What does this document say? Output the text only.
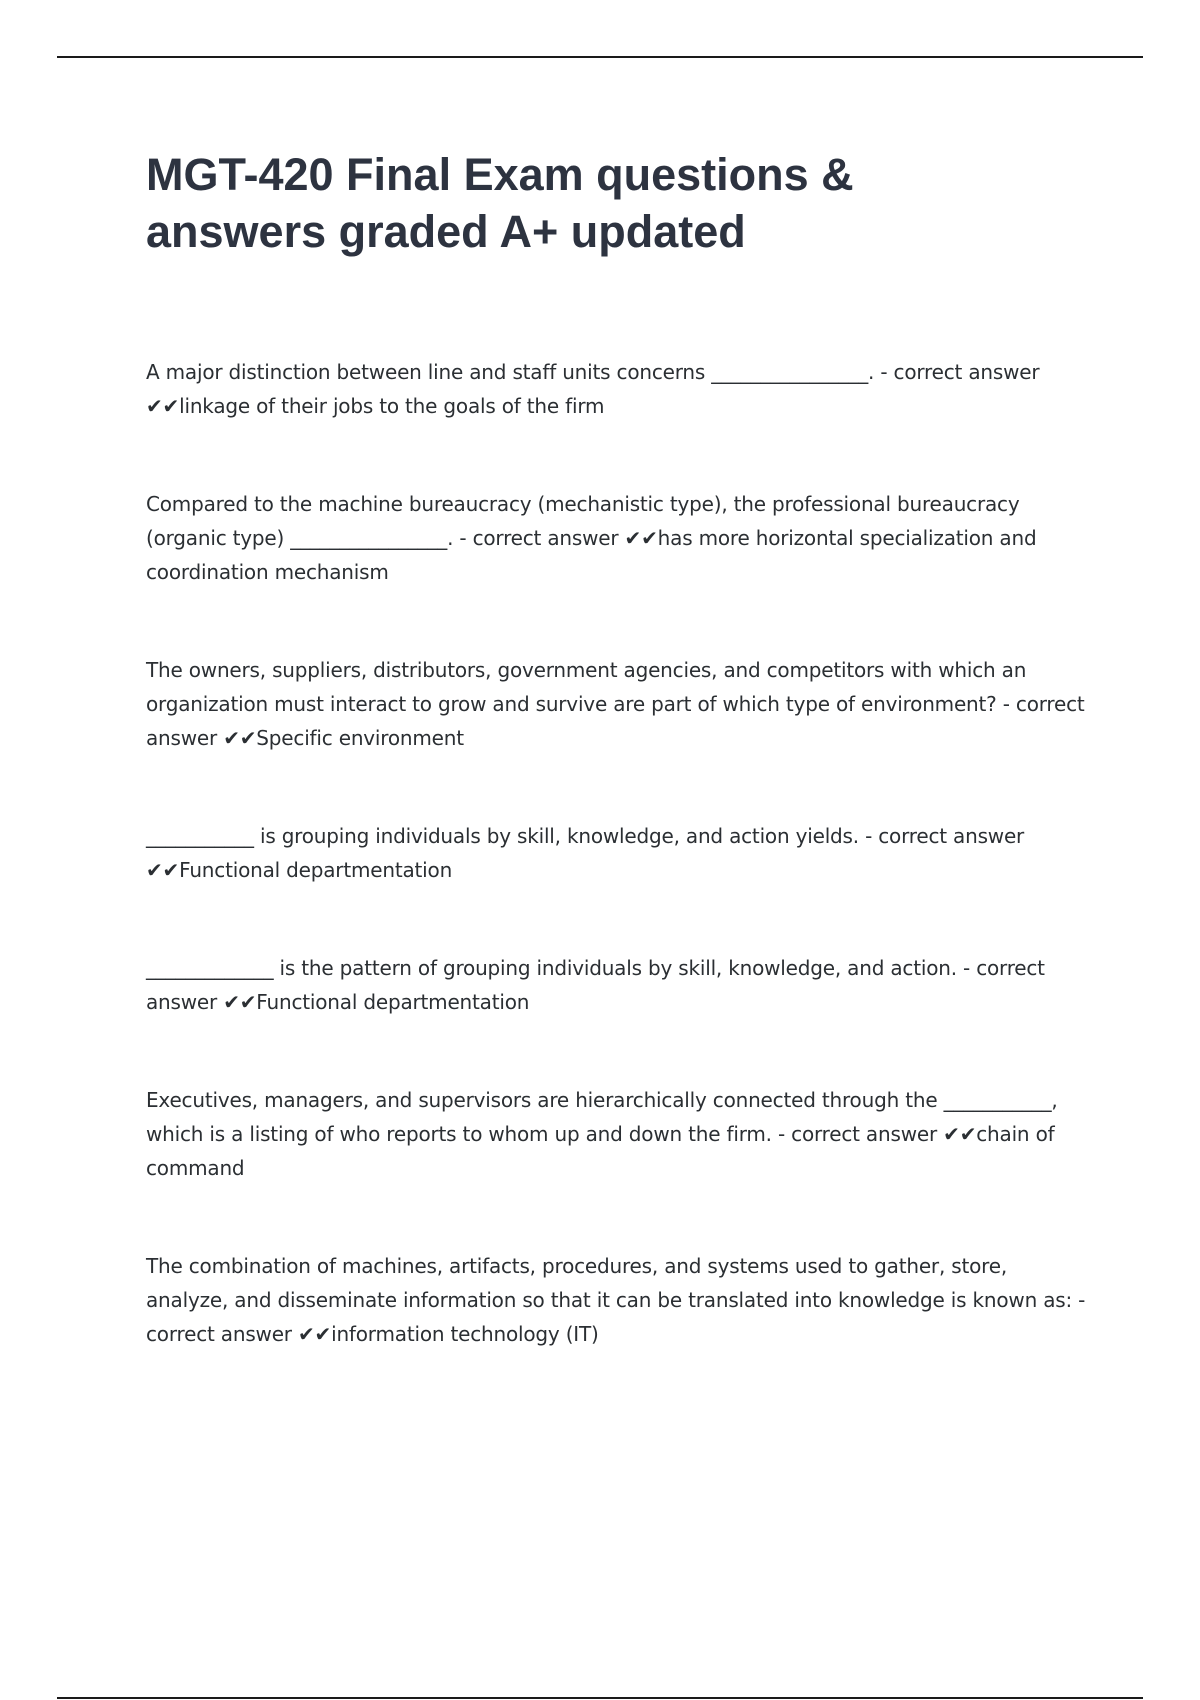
MGT-420 Final Exam questions &
answers graded A+ updated

A major distinction between line and staff units concerns ________________. - correct answer ✔✔linkage of their jobs to the goals of the firm

Compared to the machine bureaucracy (mechanistic type), the professional bureaucracy (organic type) ________________. - correct answer ✔✔has more horizontal specialization and coordination mechanism

The owners, suppliers, distributors, government agencies, and competitors with which an organization must interact to grow and survive are part of which type of environment? - correct answer ✔✔Specific environment

___________ is grouping individuals by skill, knowledge, and action yields. - correct answer ✔✔Functional departmentation

_____________ is the pattern of grouping individuals by skill, knowledge, and action. - correct answer ✔✔Functional departmentation

Executives, managers, and supervisors are hierarchically connected through the ___________, which is a listing of who reports to whom up and down the firm. - correct answer ✔✔chain of command

The combination of machines, artifacts, procedures, and systems used to gather, store, analyze, and disseminate information so that it can be translated into knowledge is known as: - correct answer ✔✔information technology (IT)
